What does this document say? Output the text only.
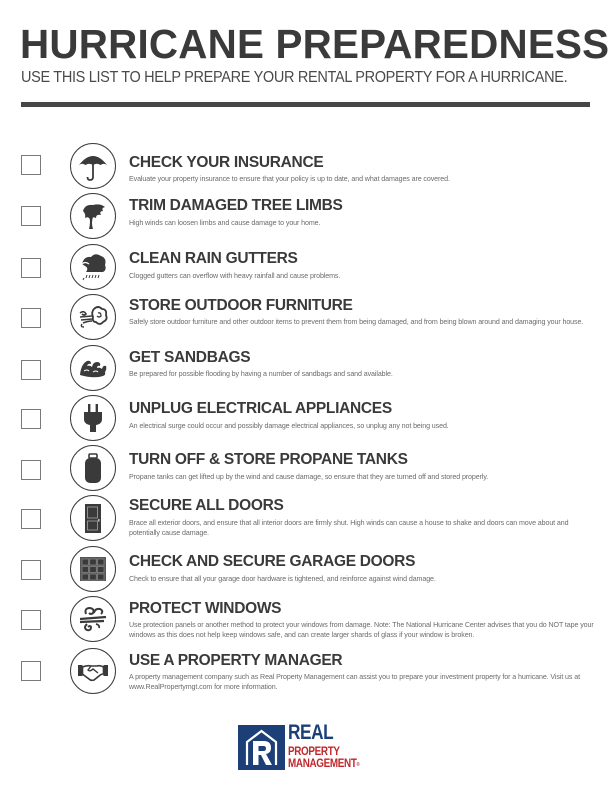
HURRICANE PREPAREDNESS
USE THIS LIST TO HELP PREPARE YOUR RENTAL PROPERTY FOR A HURRICANE.
CHECK YOUR INSURANCE
Evaluate your property insurance to ensure that your policy is up to date, and what damages are covered.
TRIM DAMAGED TREE LIMBS
High winds can loosen limbs and cause damage to your home.
CLEAN RAIN GUTTERS
Clogged gutters can overflow with heavy rainfall and cause problems.
STORE OUTDOOR FURNITURE
Safely store outdoor furniture and other outdoor items to prevent them from being damaged, and from being blown around and damaging your house.
GET SANDBAGS
Be prepared for possible flooding by having a number of sandbags and sand available.
UNPLUG ELECTRICAL APPLIANCES
An electrical surge could occur and possibly damage electrical appliances, so unplug any not being used.
TURN OFF & STORE PROPANE TANKS
Propane tanks can get lifted up by the wind and cause damage, so ensure that they are turned off and stored properly.
SECURE ALL DOORS
Brace all exterior doors, and ensure that all interior doors are firmly shut. High winds can cause a house to shake and doors can move about and potentially cause damage.
CHECK AND SECURE GARAGE DOORS
Check to ensure that all your garage door hardware is tightened, and reinforce against wind damage.
PROTECT WINDOWS
Use protection panels or another method to protect your windows from damage. Note: The National Hurricane Center advises that you do NOT tape your windows as this does not help keep windows safe, and can create larger shards of glass if your window is broken.
USE A PROPERTY MANAGER
A property management company such as Real Property Management can assist you to prepare your investment property for a hurricane. Visit us at www.RealPropertymgt.com for more information.
REAL
PROPERTY
MANAGEMENT®
